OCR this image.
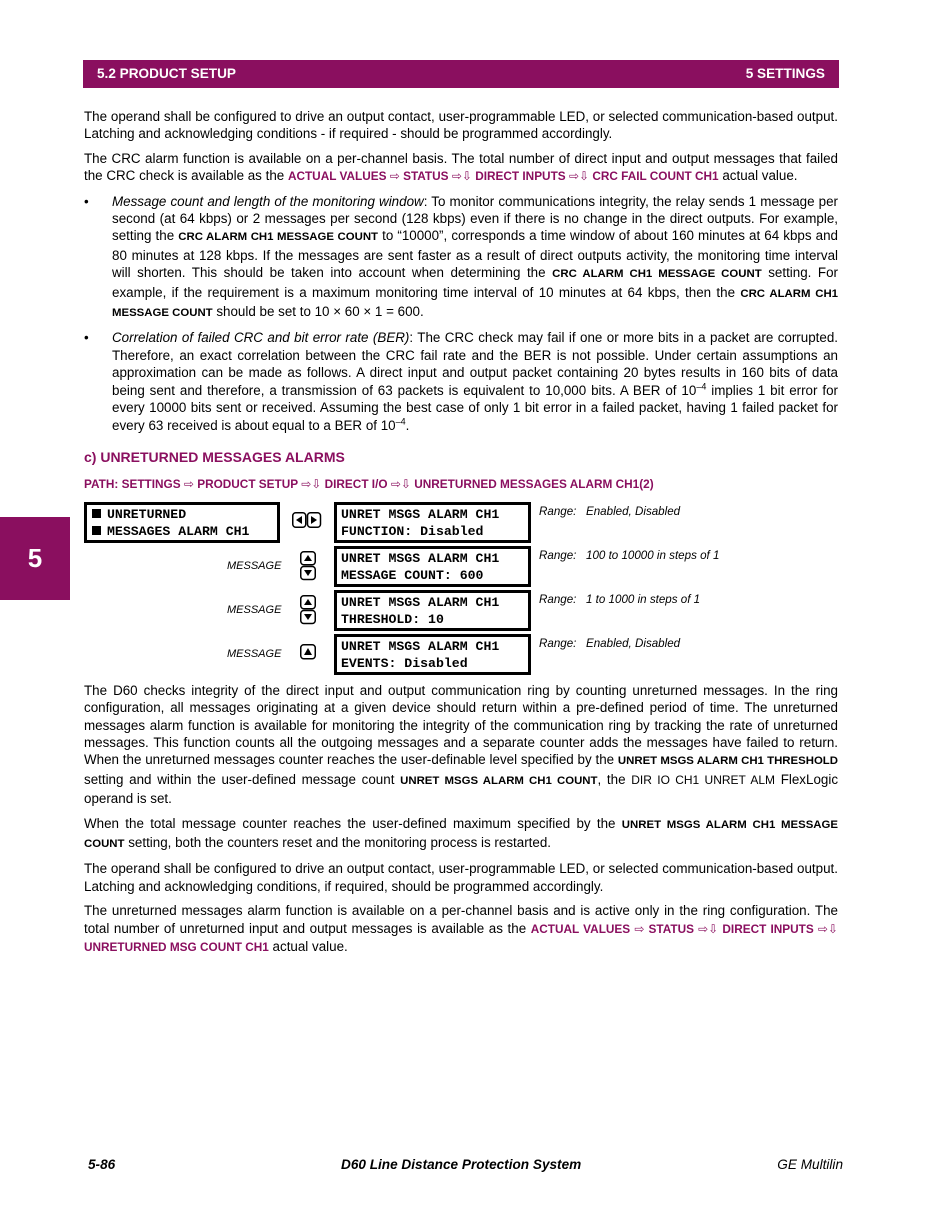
5.2 PRODUCT SETUP	5 SETTINGS
5

The operand shall be configured to drive an output contact, user-programmable LED, or selected communication-based output. Latching and acknowledging conditions - if required - should be programmed accordingly.

The CRC alarm function is available on a per-channel basis. The total number of direct input and output messages that failed the CRC check is available as the ACTUAL VALUES ⇨ STATUS ⇨⇩ DIRECT INPUTS ⇨⇩ CRC FAIL COUNT CH1 actual value.

• Message count and length of the monitoring window: To monitor communications integrity, the relay sends 1 message per second (at 64 kbps) or 2 messages per second (128 kbps) even if there is no change in the direct outputs. For example, setting the CRC ALARM CH1 MESSAGE COUNT to “10000”, corresponds a time window of about 160 minutes at 64 kbps and 80 minutes at 128 kbps. If the messages are sent faster as a result of direct outputs activity, the monitoring time interval will shorten. This should be taken into account when determining the CRC ALARM CH1 MESSAGE COUNT setting. For example, if the requirement is a maximum monitoring time interval of 10 minutes at 64 kbps, then the CRC ALARM CH1 MESSAGE COUNT should be set to 10 × 60 × 1 = 600.
• Correlation of failed CRC and bit error rate (BER): The CRC check may fail if one or more bits in a packet are corrupted. Therefore, an exact correlation between the CRC fail rate and the BER is not possible. Under certain assumptions an approximation can be made as follows. A direct input and output packet containing 20 bytes results in 160 bits of data being sent and therefore, a transmission of 63 packets is equivalent to 10,000 bits. A BER of $10^{-4}$ implies 1 bit error for every 10000 bits sent or received. Assuming the best case of only 1 bit error in a failed packet, having 1 failed packet for every 63 received is about equal to a BER of $10^{-4}$.
c) UNRETURNED MESSAGES ALARMS
PATH: SETTINGS ⇨ PRODUCT SETUP ⇨⇩ DIRECT I/O ⇨⇩ UNRETURNED MESSAGES ALARM CH1(2)
UNRETURNED
MESSAGES ALARM CH1
UNRET MSGS ALARM CH1
FUNCTION: Disabled
Range: Enabled, Disabled
MESSAGE	UNRET MSGS ALARM CH1
MESSAGE COUNT: 600
Range: 100 to 10000 in steps of 1
MESSAGE	UNRET MSGS ALARM CH1
THRESHOLD: 10
Range: 1 to 1000 in steps of 1
MESSAGE	UNRET MSGS ALARM CH1
EVENTS: Disabled
Range: Enabled, Disabled

The D60 checks integrity of the direct input and output communication ring by counting unreturned messages. In the ring configuration, all messages originating at a given device should return within a pre-defined period of time. The unreturned messages alarm function is available for monitoring the integrity of the communication ring by tracking the rate of unreturned messages. This function counts all the outgoing messages and a separate counter adds the messages have failed to return. When the unreturned messages counter reaches the user-definable level specified by the UNRET MSGS ALARM CH1 THRESHOLD setting and within the user-defined message count UNRET MSGS ALARM CH1 COUNT, the DIR IO CH1 UNRET ALM FlexLogic operand is set.

When the total message counter reaches the user-defined maximum specified by the UNRET MSGS ALARM CH1 MESSAGE COUNT setting, both the counters reset and the monitoring process is restarted.

The operand shall be configured to drive an output contact, user-programmable LED, or selected communication-based output. Latching and acknowledging conditions, if required, should be programmed accordingly.

The unreturned messages alarm function is available on a per-channel basis and is active only in the ring configuration. The total number of unreturned input and output messages is available as the ACTUAL VALUES ⇨ STATUS ⇨⇩ DIRECT INPUTS ⇨⇩ UNRETURNED MSG COUNT CH1 actual value.

5-86	D60 Line Distance Protection System	GE Multilin
